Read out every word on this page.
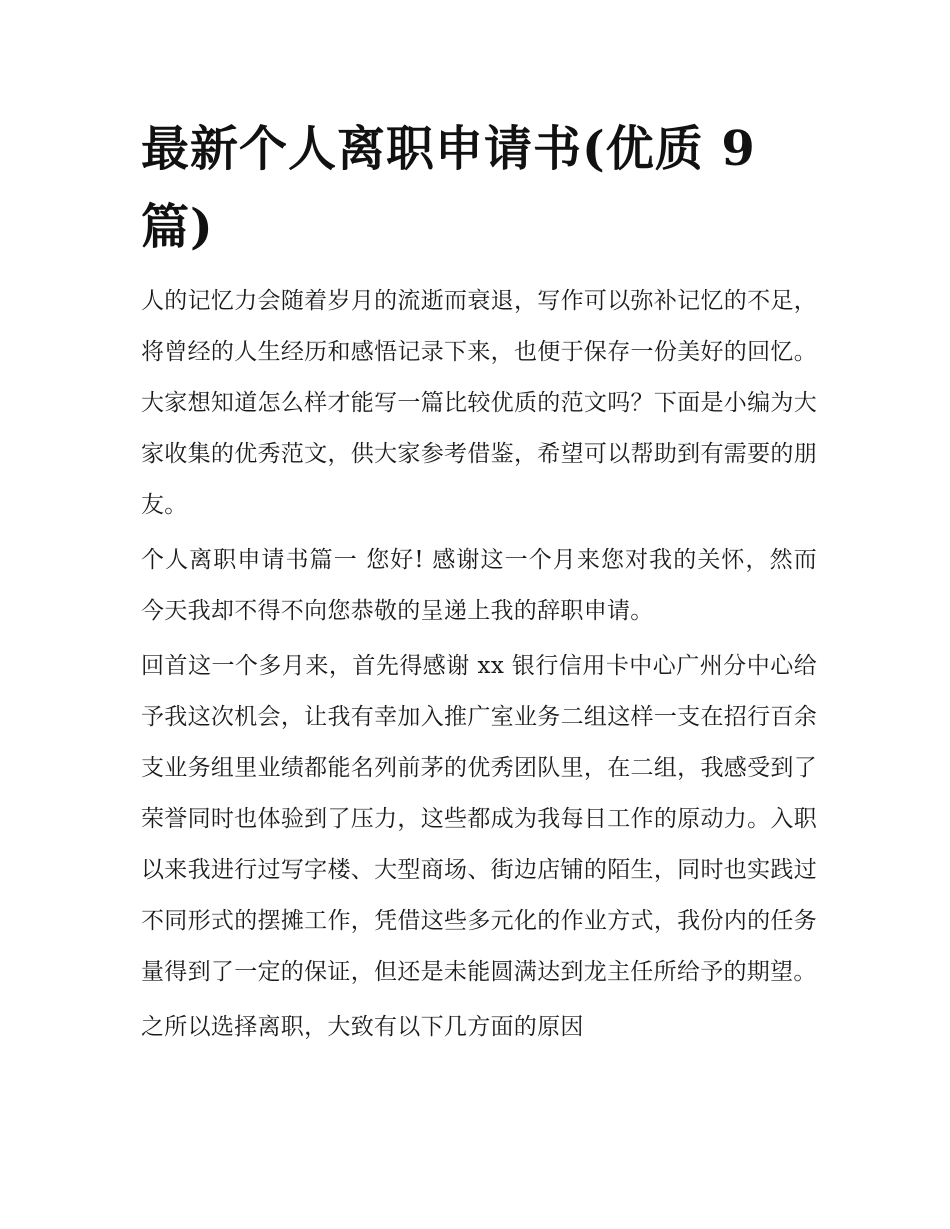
最新个人离职申请书(优质 9 篇)

人的记忆力会随着岁月的流逝而衰退，写作可以弥补记忆的不足，将曾经的人生经历和感悟记录下来，也便于保存一份美好的回忆。大家想知道怎么样才能写一篇比较优质的范文吗？下面是小编为大家收集的优秀范文，供大家参考借鉴，希望可以帮助到有需要的朋友。

个人离职申请书篇一 您好! 感谢这一个月来您对我的关怀，然而今天我却不得不向您恭敬的呈递上我的辞职申请。

回首这一个多月来，首先得感谢 xx 银行信用卡中心广州分中心给予我这次机会，让我有幸加入推广室业务二组这样一支在招行百余支业务组里业绩都能名列前茅的优秀团队里，在二组，我感受到了荣誉同时也体验到了压力，这些都成为我每日工作的原动力。入职以来我进行过写字楼、大型商场、街边店铺的陌生，同时也实践过不同形式的摆摊工作，凭借这些多元化的作业方式，我份内的任务量得到了一定的保证，但还是未能圆满达到龙主任所给予的期望。

之所以选择离职，大致有以下几方面的原因
